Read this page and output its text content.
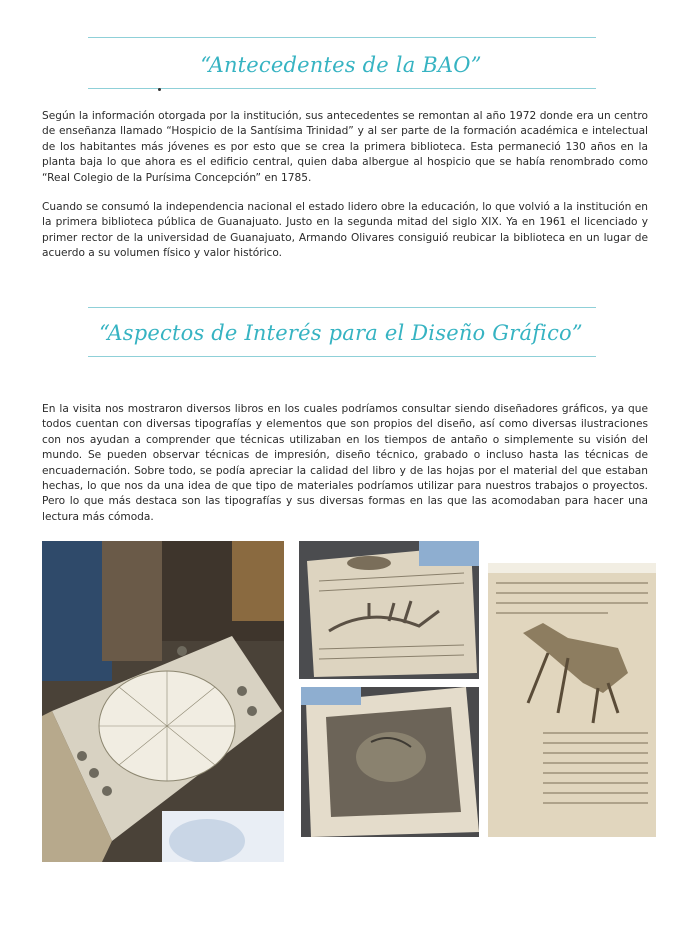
“Antecedentes de la BAO”

Según la información otorgada por la institución, sus antecedentes se remontan al año 1972 donde era un centro de enseñanza llamado “Hospicio de la Santísima Trinidad” y al ser parte de la formación académica e intelectual de los habitantes más jóvenes es por esto que se crea la primera biblioteca. Esta permaneció 130 años en la planta baja lo que ahora es el edificio central, quien daba albergue al hospicio que se había renombrado como “Real Colegio de la Purísima Concepción” en 1785.

Cuando se consumó la independencia nacional el estado lidero obre la educación, lo que volvió a la institución en la primera biblioteca pública de Guanajuato. Justo en la segunda mitad del siglo XIX. Ya en 1961 el licenciado y primer rector de la universidad de Guanajuato, Armando Olivares consiguió reubicar la biblioteca en un lugar de acuerdo a su volumen físico y valor histórico.

“Aspectos de Interés para el Diseño Gráfico”

En la visita nos mostraron diversos libros en los cuales podríamos consultar siendo diseñadores gráficos, ya que todos cuentan con diversas tipografías y elementos que son propios del diseño, así como diversas ilustraciones con nos ayudan a comprender que técnicas utilizaban en los tiempos de antaño o simplemente su visión del mundo. Se pueden observar técnicas de impresión, diseño técnico, grabado o incluso hasta las técnicas de encuadernación. Sobre todo, se podía apreciar la calidad del libro y de las hojas por el material del que estaban hechas, lo que nos da una idea de que tipo de materiales podríamos utilizar para nuestros trabajos o proyectos. Pero lo que más destaca son las tipografías y sus diversas formas en las que las acomodaban para hacer una lectura más cómoda.
